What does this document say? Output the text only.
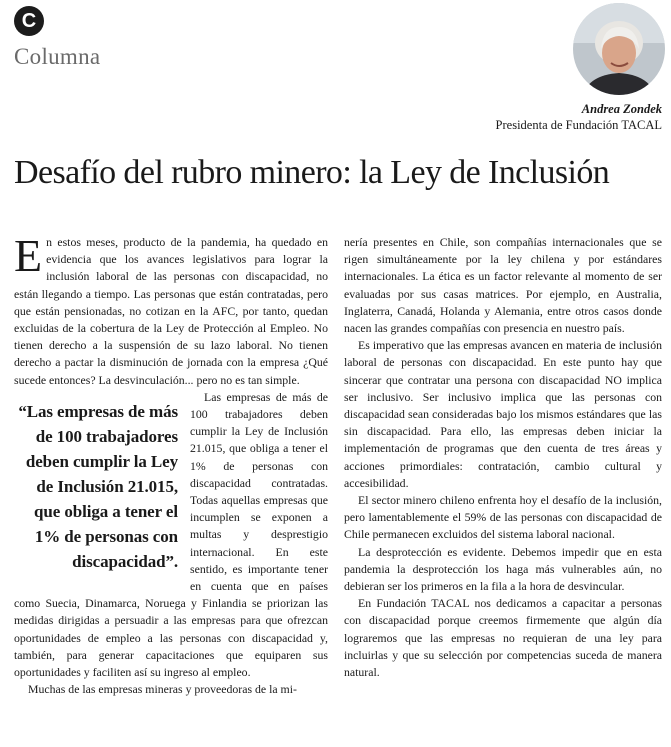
C
Columna
Andrea Zondek
Presidenta de Fundación TACAL
Desafío del rubro minero: la Ley de Inclusión
En estos meses, producto de la pandemia, ha quedado en evidencia que los avances legislativos para lograr la inclusión laboral de las personas con discapacidad, no están llegando a tiempo. Las personas que están contratadas, pero que están pensionadas, no cotizan en la AFC, por tanto, quedan excluidas de la cobertura de la Ley de Protección al Empleo. No tienen derecho a la suspensión de su lazo laboral. No tienen derecho a pactar la disminución de jornada con la empresa ¿Qué sucede entonces? La desvinculación... pero no es tan simple.

“Las empresas de más de 100 trabajadores deben cumplir la Ley de Inclusión 21.015, que obliga a tener el 1% de personas con discapacidad”.
Las empresas de más de 100 trabajadores deben cumplir la Ley de Inclusión 21.015, que obliga a tener el 1% de personas con discapacidad contratadas. Todas aquellas empresas que incumplen se exponen a multas y desprestigio internacional. En este sentido, es importante tener en cuenta que en países como Suecia, Dinamarca, Noruega y Finlandia se priorizan las medidas dirigidas a persuadir a las empresas para que ofrezcan oportunidades de empleo a las personas con discapacidad y, también, para generar capacitaciones que equiparen sus oportunidades y faciliten así su ingreso al empleo.
Muchas de las empresas mineras y proveedoras de la mi-

nería presentes en Chile, son compañías internacionales que se rigen simultáneamente por la ley chilena y por estándares internacionales. La ética es un factor relevante al momento de ser evaluadas por sus casas matrices. Por ejemplo, en Australia, Inglaterra, Canadá, Holanda y Alemania, entre otros casos donde nacen las grandes compañías con presencia en nuestro país.

Es imperativo que las empresas avancen en materia de inclusión laboral de personas con discapacidad. En este punto hay que sincerar que contratar una persona con discapacidad NO implica ser inclusivo. Ser inclusivo implica que las personas con discapacidad sean consideradas bajo los mismos estándares que las sin discapacidad. Para ello, las empresas deben iniciar la implementación de programas que den cuenta de tres áreas y acciones primordiales: contratación, cambio cultural y accesibilidad.

El sector minero chileno enfrenta hoy el desafío de la inclusión, pero lamentablemente el 59% de las personas con discapacidad de Chile permanecen excluidos del sistema laboral nacional.

La desprotección es evidente. Debemos impedir que en esta pandemia la desprotección los haga más vulnerables aún, no debieran ser los primeros en la fila a la hora de desvincular.

En Fundación TACAL nos dedicamos a capacitar a personas con discapacidad porque creemos firmemente que algún día lograremos que las empresas no requieran de una ley para incluirlas y que su selección por competencias suceda de manera natural.
